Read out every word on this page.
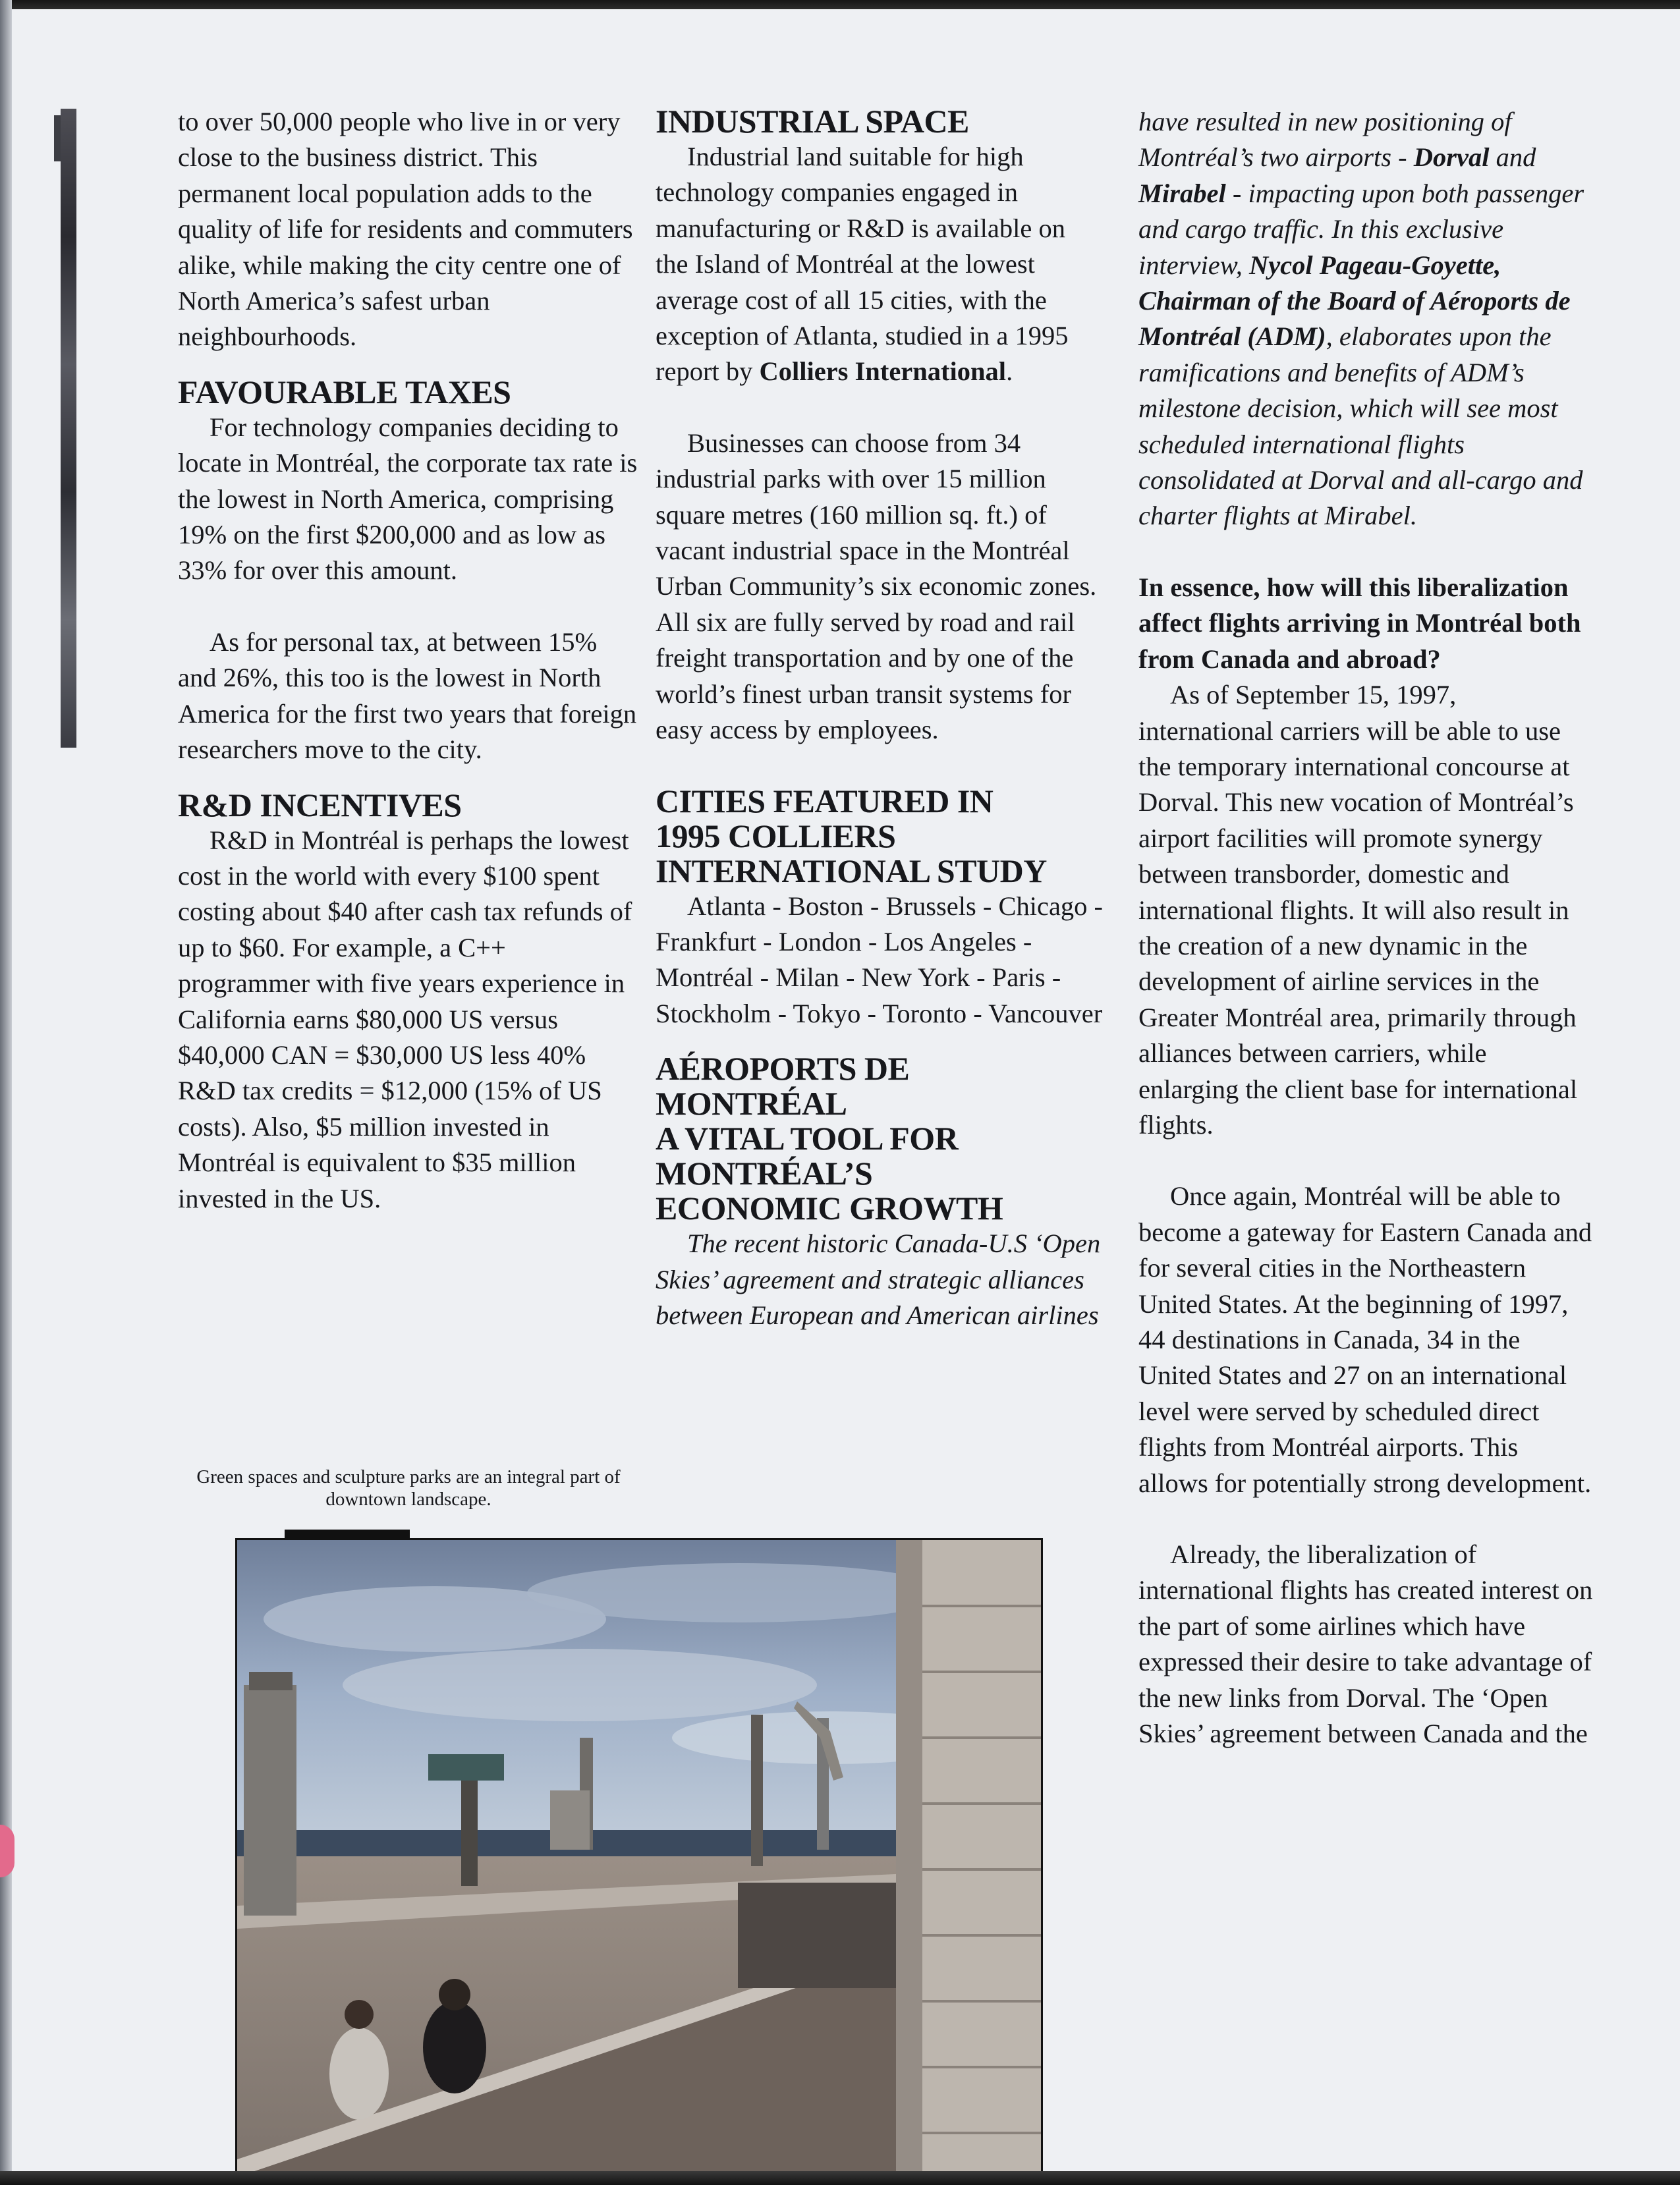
to over 50,000 people who live in or very close to the business district. This permanent local population adds to the quality of life for residents and commuters alike, while making the city centre one of North America’s safest urban neighbourhoods.

FAVOURABLE TAXES

For technology companies deciding to locate in Montréal, the corporate tax rate is the lowest in North America, comprising 19% on the first $200,000 and as low as 33% for over this amount.

As for personal tax, at between 15% and 26%, this too is the lowest in North America for the first two years that foreign researchers move to the city.

R&D INCENTIVES

R&D in Montréal is perhaps the lowest cost in the world with every $100 spent costing about $40 after cash tax refunds of up to $60. For example, a C++ programmer with five years experience in California earns $80,000 US versus $40,000 CAN = $30,000 US less 40% R&D tax credits = $12,000 (15% of US costs). Also, $5 million invested in Montréal is equivalent to $35 million invested in the US.

Green spaces and sculpture parks are an integral part of downtown landscape.
INDUSTRIAL SPACE

Industrial land suitable for high technology companies engaged in manufacturing or R&D is available on the Island of Montréal at the lowest average cost of all 15 cities, with the exception of Atlanta, studied in a 1995 report by Colliers International.

Businesses can choose from 34 industrial parks with over 15 million square metres (160 million sq. ft.) of vacant industrial space in the Montréal Urban Community’s six economic zones. All six are fully served by road and rail freight transportation and by one of the world’s finest urban transit systems for easy access by employees.

CITIES FEATURED IN
1995 COLLIERS
INTERNATIONAL STUDY

Atlanta - Boston - Brussels - Chicago - Frankfurt - London - Los Angeles - Montréal - Milan - New York - Paris - Stockholm - Tokyo - Toronto - Vancouver

AÉROPORTS DE
MONTRÉAL
A VITAL TOOL FOR
MONTRÉAL’S
ECONOMIC GROWTH

The recent historic Canada-U.S ‘Open Skies’ agreement and strategic alliances between European and American airlines

have resulted in new positioning of Montréal’s two airports - Dorval and Mirabel - impacting upon both passenger and cargo traffic. In this exclusive interview, Nycol Pageau-Goyette, Chairman of the Board of Aéroports de Montréal (ADM), elaborates upon the ramifications and benefits of ADM’s milestone decision, which will see most scheduled international flights consolidated at Dorval and all-cargo and charter flights at Mirabel.

In essence, how will this liberalization affect flights arriving in Montréal both from Canada and abroad?

As of September 15, 1997, international carriers will be able to use the temporary international concourse at Dorval. This new vocation of Montréal’s airport facilities will promote synergy between transborder, domestic and international flights. It will also result in the creation of a new dynamic in the development of airline services in the Greater Montréal area, primarily through alliances between carriers, while enlarging the client base for international flights.

Once again, Montréal will be able to become a gateway for Eastern Canada and for several cities in the Northeastern United States. At the beginning of 1997, 44 destinations in Canada, 34 in the United States and 27 on an international level were served by scheduled direct flights from Montréal airports. This allows for potentially strong development.

Already, the liberalization of international flights has created interest on the part of some airlines which have expressed their desire to take advantage of the new links from Dorval. The ‘Open Skies’ agreement between Canada and the
